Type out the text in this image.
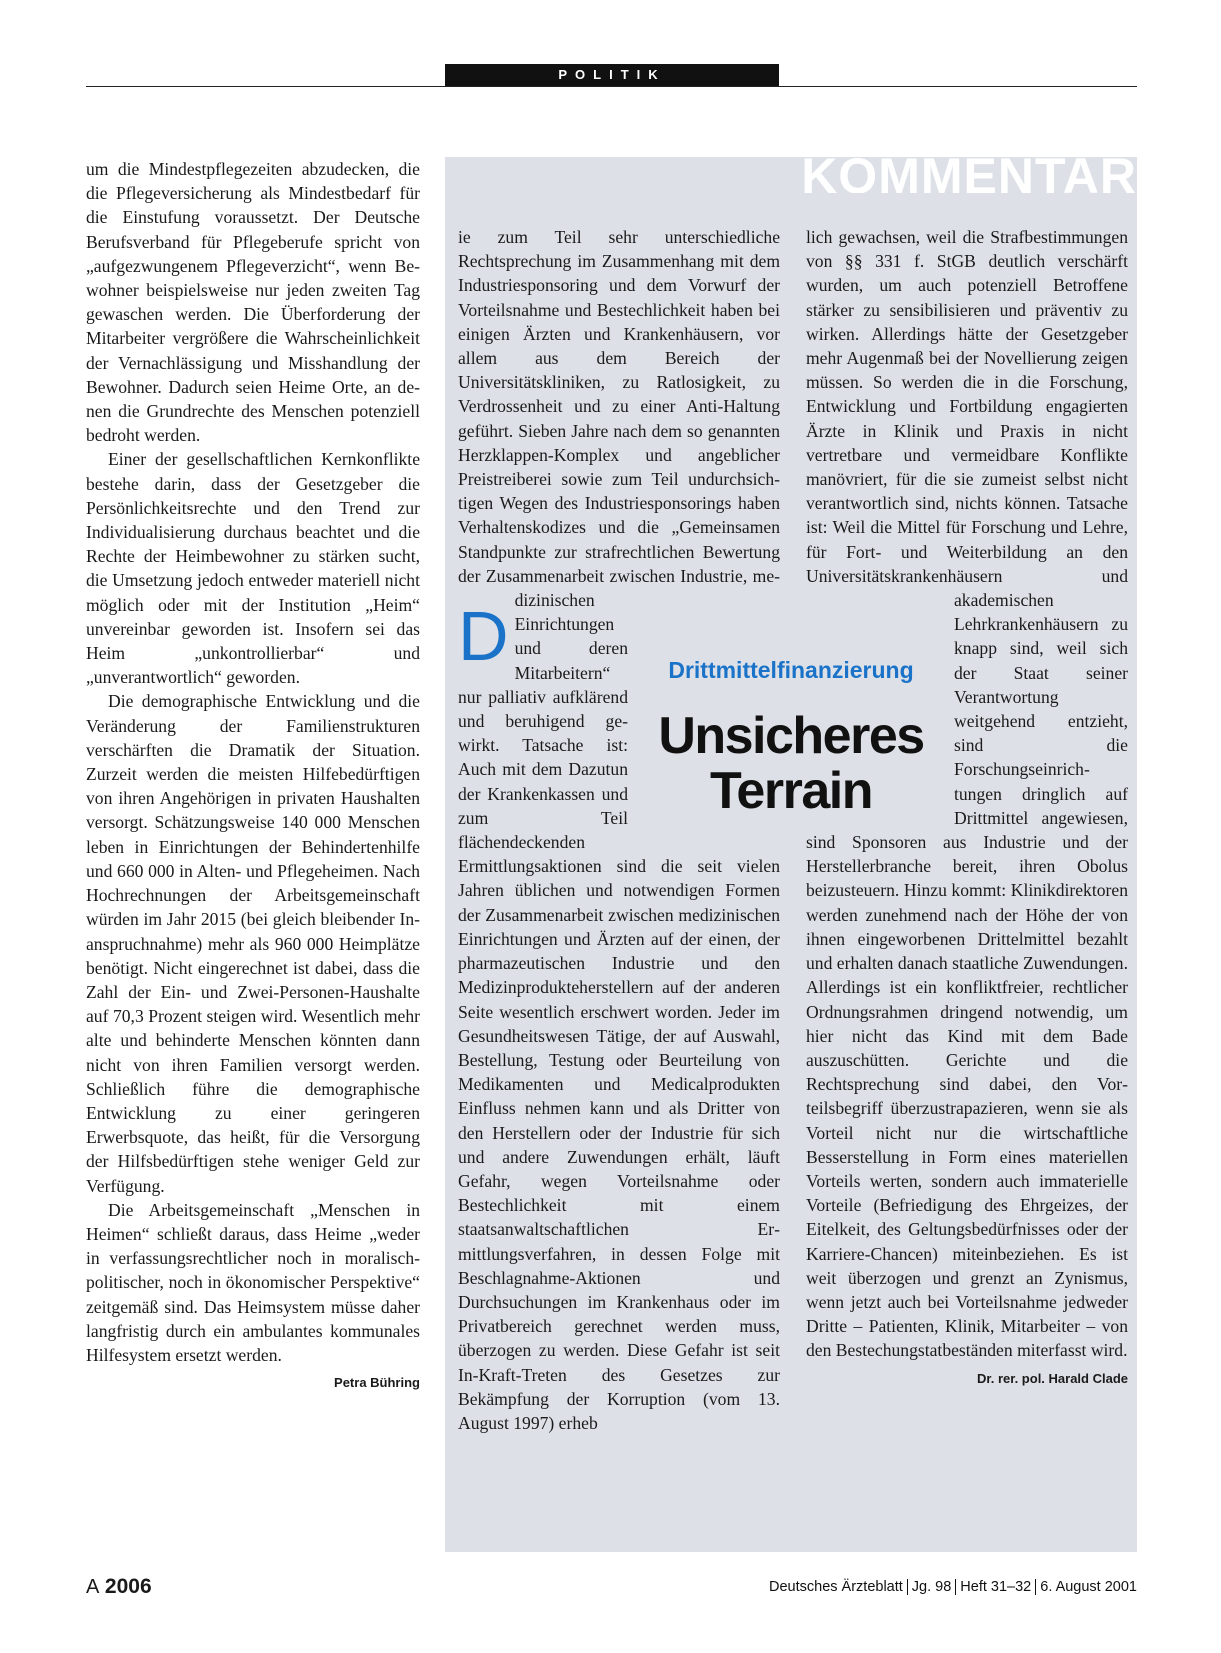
POLITIK

um die Mindestpflegezeiten abzudecken, die die Pflegeversicherung als Mindestbedarf für die Einstufung voraussetzt. Der Deutsche Berufsverband für Pflegeberufe spricht von „aufgezwungenem Pflegeverzicht“, wenn Bewohner beispielsweise nur jeden zweiten Tag gewaschen werden. Die Überforderung der Mitarbeiter vergrößere die Wahrscheinlichkeit der Vernachlässigung und Misshandlung der Bewohner. Dadurch seien Heime Orte, an denen die Grundrechte des Menschen potenziell bedroht werden.

Einer der gesellschaftlichen Kernkonflikte bestehe darin, dass der Gesetzgeber die Persönlichkeitsrechte und den Trend zur Individualisierung durchaus beachtet und die Rechte der Heimbewohner zu stärken sucht, die Umsetzung jedoch entweder materiell nicht möglich oder mit der Institution „Heim“ unvereinbar geworden ist. Insofern sei das Heim „unkontrollierbar“ und „unverantwortlich“ geworden.

Die demographische Entwicklung und die Veränderung der Familienstrukturen verschärften die Dramatik der Situation. Zurzeit werden die meisten Hilfebedürftigen von ihren Angehörigen in privaten Haushalten versorgt. Schätzungsweise 140 000 Menschen leben in Einrichtungen der Behindertenhilfe und 660 000 in Alten- und Pflegeheimen. Nach Hochrechnungen der Arbeitsgemeinschaft würden im Jahr 2015 (bei gleich bleibender Inanspruchnahme) mehr als 960 000 Heimplätze benötigt. Nicht eingerechnet ist dabei, dass die Zahl der Ein- und Zwei-Personen-Haushalte auf 70,3 Prozent steigen wird. Wesentlich mehr alte und behinderte Menschen könnten dann nicht von ihren Familien versorgt werden. Schließlich führe die demographische Entwicklung zu einer geringeren Erwerbsquote, das heißt, für die Versorgung der Hilfsbedürftigen stehe weniger Geld zur Verfügung.

Die Arbeitsgemeinschaft „Menschen in Heimen“ schließt daraus, dass Heime „weder in verfassungsrechtlicher noch in moralisch-politischer, noch in ökonomischer Perspektive“ zeitgemäß sind. Das Heimsystem müsse daher langfristig durch ein ambulantes kommunales Hilfesystem ersetzt werden.

Petra Bühring
KOMMENTAR

D
ie zum Teil sehr unterschiedliche Rechtsprechung im Zusammenhang mit dem Industriesponsoring und dem Vorwurf der Vorteilsnahme und Bestechlichkeit haben bei einigen Ärzten und Krankenhäusern, vor allem aus dem Bereich der Universitätskliniken, zu Ratlosigkeit, zu Verdrossenheit und zu einer Anti-Haltung geführt. Sieben Jahre nach dem so genannten Herzklappen-Komplex und angeblicher Preistreiberei sowie zum Teil undurchsichtigen Wegen des Industriesponsorings haben Verhaltenskodizes und die „Gemeinsamen Standpunkte zur strafrechtlichen Bewertung der Zusammenarbeit zwischen Industrie, medizinischen Einrichtungen und deren Mitarbeitern“ nur palliativ aufklärend und beruhigend gewirkt. Tatsache ist: Auch mit dem Dazutun der Krankenkassen und zum Teil flächendeckenden Ermittlungsaktionen sind die seit vielen Jahren üblichen und notwendigen Formen der Zusammenarbeit zwischen medizinischen Einrichtungen und Ärzten auf der einen, der pharmazeutischen Industrie und den Medizinprodukteherstellern auf der anderen Seite wesentlich erschwert worden. Jeder im Gesundheitswesen Tätige, der auf Auswahl, Bestellung, Testung oder Beurteilung von Medikamenten und Medicalprodukten Einfluss nehmen kann und als Dritter von den Herstellern oder der Industrie für sich und andere Zuwendungen erhält, läuft Gefahr, wegen Vorteilsnahme oder Bestechlichkeit mit einem staatsanwaltschaftlichen Ermittlungsverfahren, in dessen Folge mit Beschlagnahme-Aktionen und Durchsuchungen im Krankenhaus oder im Privatbereich gerechnet werden muss, überzogen zu werden. Diese Gefahr ist seit In-Kraft-Treten des Gesetzes zur Bekämpfung der Korruption (vom 13. August 1997) erheb

lich gewachsen, weil die Strafbestimmungen von §§ 331 f. StGB deutlich verschärft wurden, um auch potenziell Betroffene stärker zu sensibilisieren und präventiv zu wirken. Allerdings hätte der Gesetzgeber mehr Augenmaß bei der Novellierung zeigen müssen. So werden die in die Forschung, Entwicklung und Fortbildung engagierten Ärzte in Klinik und Praxis in nicht vertretbare und vermeidbare Konflikte manövriert, für die sie zumeist selbst nicht verantwortlich sind, nichts können. Tatsache ist: Weil die Mittel für Forschung und Lehre, für Fort- und Weiterbildung an den Universitätskrankenhäusern und akademischen Lehrkrankenhäusern zu knapp sind, weil sich der Staat seiner Verantwortung weitgehend entzieht, sind die Forschungseinrichtungen dringlich auf Drittmittel angewiesen, sind Sponsoren aus Industrie und der Herstellerbranche bereit, ihren Obolus beizusteuern. Hinzu kommt: Klinikdirektoren werden zunehmend nach der Höhe der von ihnen eingeworbenen Drittelmittel bezahlt und erhalten danach staatliche Zuwendungen. Allerdings ist ein konfliktfreier, rechtlicher Ordnungsrahmen dringend notwendig, um hier nicht das Kind mit dem Bade auszuschütten. Gerichte und die Rechtsprechung sind dabei, den Vorteilsbegriff überzustrapazieren, wenn sie als Vorteil nicht nur die wirtschaftliche Besserstellung in Form eines materiellen Vorteils werten, sondern auch immaterielle Vorteile (Befriedigung des Ehrgeizes, der Eitelkeit, des Geltungsbedürfnisses oder der Karriere-Chancen) miteinbeziehen. Es ist weit überzogen und grenzt an Zynismus, wenn jetzt auch bei Vorteilsnahme jedweder Dritte – Patienten, Klinik, Mitarbeiter – von den Bestechungstatbeständen miterfasst wird.
Dr. rer. pol. Harald Clade

Drittmittelfinanzierung
Unsicheres
Terrain
A 2006	Deutsches Ärzteblatt Jg. 98 Heft 31–32 6. August 2001
